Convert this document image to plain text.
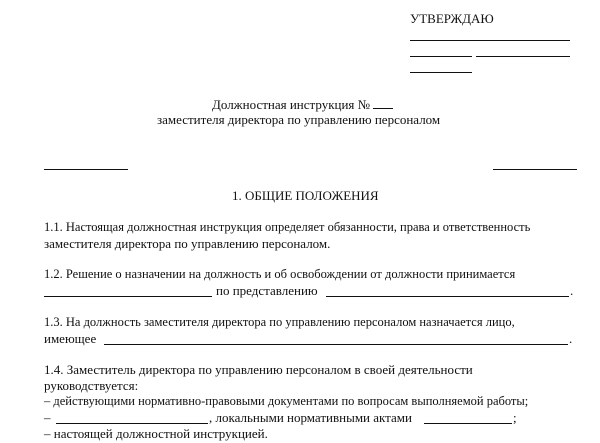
УТВЕРЖДАЮ
Должностная инструкция №
заместителя директора по управлению персоналом
1. ОБЩИЕ ПОЛОЖЕНИЯ
1.1. Настоящая должностная инструкция определяет обязанности, права и ответственность
заместителя директора по управлению персоналом.
1.2. Решение о назначении на должность и об освобождении от должности принимается
по представлению	.
1.3. На должность заместителя директора по управлению персоналом назначается лицо,
имеющее	.
1.4. Заместитель директора по управлению персоналом в своей деятельности
руководствуется:
– действующими нормативно-правовыми документами по вопросам выполняемой работы;
–	, локальными нормативными актами	;
– настоящей должностной инструкцией.
